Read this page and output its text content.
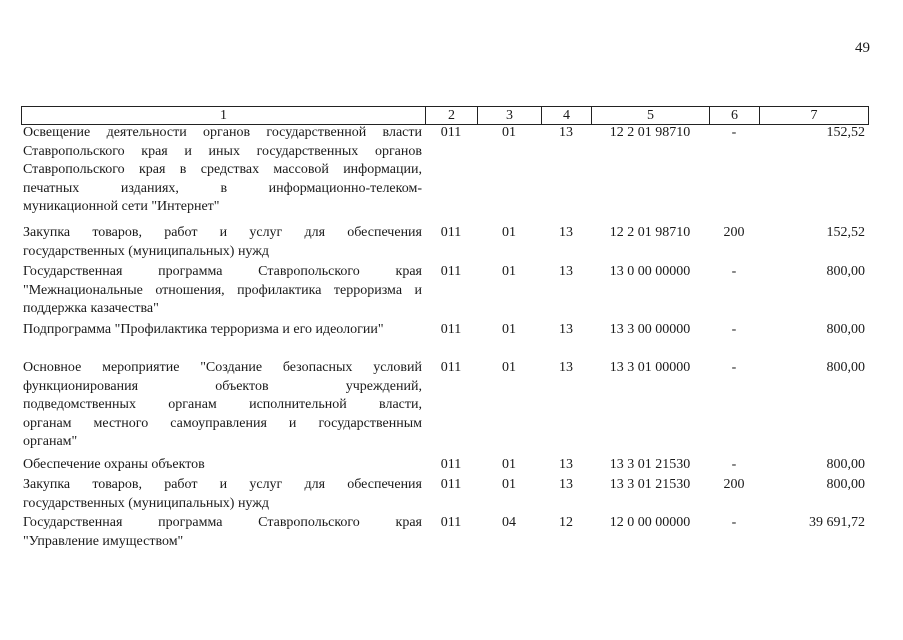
49
1	2	3	4	5	6	7
Освещение деятельности органов государственной власти
Ставропольского края и иных государственных органов
Ставропольского края в средствах массовой информации,
печатных изданиях, в информационно-телеком-
муникационной сети "Интернет"
011	01	13	12 2 01 98710	-	152,52
Закупка товаров, работ и услуг для обеспечения
государственных (муниципальных) нужд
011	01	13	12 2 01 98710	200	152,52
Государственная программа Ставропольского края
"Межнациональные отношения, профилактика терроризма и
поддержка казачества"
011	01	13	13 0 00 00000	-	800,00
Подпрограмма "Профилактика терроризма и его идеологии"	011	01	13	13 3 00 00000	-	800,00
Основное мероприятие "Создание безопасных условий
функционирования объектов учреждений,
подведомственных органам исполнительной власти,
органам местного самоуправления и государственным
органам"
011	01	13	13 3 01 00000	-	800,00
Обеспечение охраны объектов	011	01	13	13 3 01 21530	-	800,00
Закупка товаров, работ и услуг для обеспечения
государственных (муниципальных) нужд
011	01	13	13 3 01 21530	200	800,00
Государственная программа Ставропольского края
"Управление имуществом"
011	04	12	12 0 00 00000	-	39 691,72
